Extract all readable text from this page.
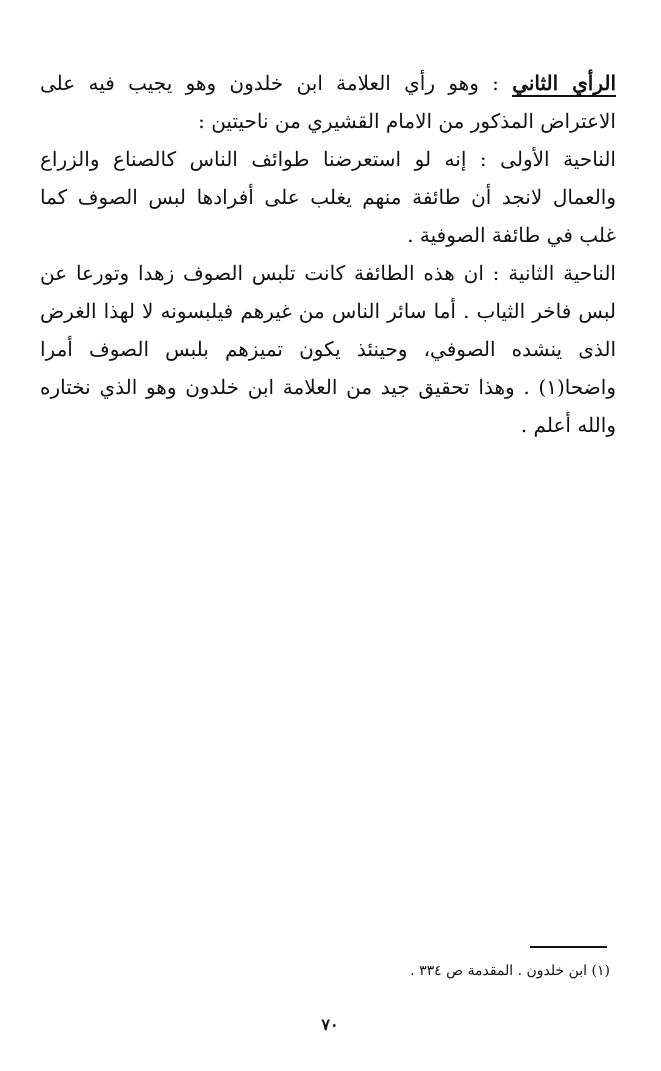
الرأي الثاني : وهو رأي العلامة ابن خلدون وهو يجيب فيه على الاعتراض المذكور من الامام القشيري من ناحيتين :

الناحية الأولى : إنه لو استعرضنا طوائف الناس كالصناع والزراع والعمال لانجد أن طائفة منهم يغلب على أفرادها لبس الصوف كما غلب في طائفة الصوفية .

الناحية الثانية : ان هذه الطائفة كانت تلبس الصوف زهدا وتورعا عن لبس فاخر الثياب . أما سائر الناس من غيرهم فيلبسونه لا لهذا الغرض الذى ينشده الصوفي، وحينئذ يكون تميزهم بلبس الصوف أمرا واضحا(١) . وهذا تحقيق جيد من العلامة ابن خلدون وهو الذي نختاره والله أعلم .

(١) ابن خلدون . المقدمة ص ٣٣٤ .
٧٠
